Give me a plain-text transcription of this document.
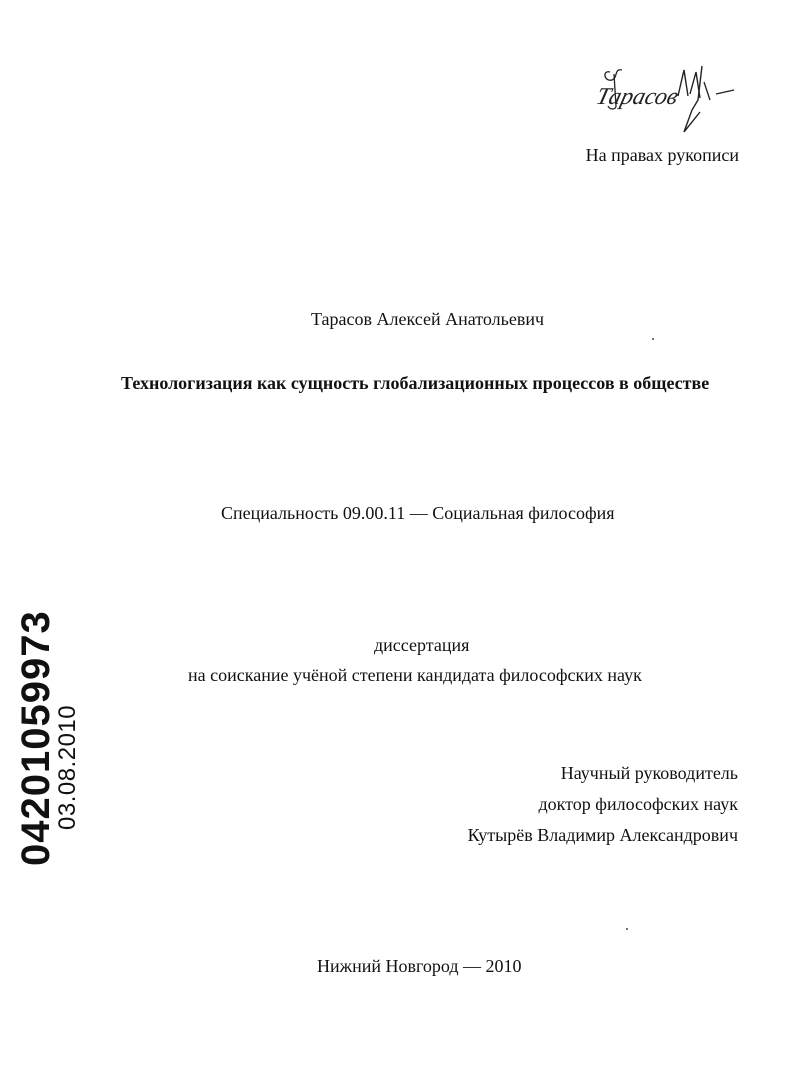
Тарасов
На правах рукописи
Тарасов Алексей Анатольевич
Технологизация как сущность глобализационных процессов в обществе
Специальность 09.00.11 — Социальная философия
диссертация
на соискание учёной степени кандидата философских наук
Научный руководитель
доктор философских наук
Кутырёв Владимир Александрович
Нижний Новгород — 2010
04201059973
03.08.2010
